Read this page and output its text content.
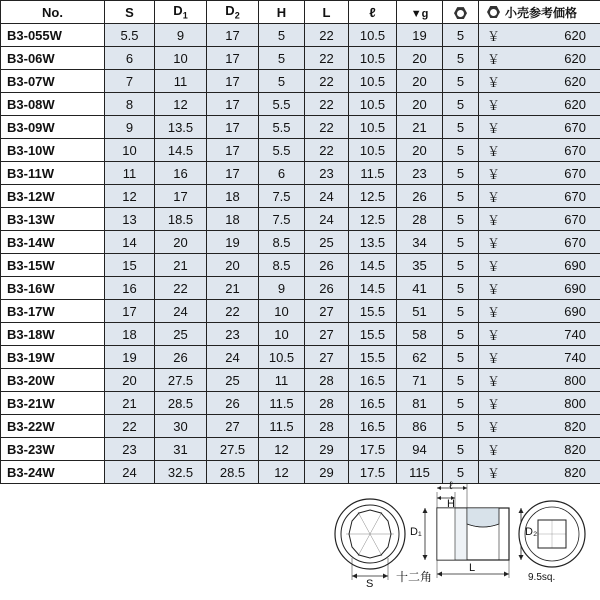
No.	S	$D_1$	$D_2$	H	L	ℓ	▼g		小売参考価格

B3-055W	5.5	9	17	5	22	10.5	19	5	￥ 620

B3-06W	6	10	17	5	22	10.5	20	5	￥ 620

B3-07W	7	11	17	5	22	10.5	20	5	￥ 620

B3-08W	8	12	17	5.5	22	10.5	20	5	￥ 620

B3-09W	9	13.5	17	5.5	22	10.5	21	5	￥ 670

B3-10W	10	14.5	17	5.5	22	10.5	20	5	￥ 670

B3-11W	11	16	17	6	23	11.5	23	5	￥ 670

B3-12W	12	17	18	7.5	24	12.5	26	5	￥ 670

B3-13W	13	18.5	18	7.5	24	12.5	28	5	￥ 670

B3-14W	14	20	19	8.5	25	13.5	34	5	￥ 670

B3-15W	15	21	20	8.5	26	14.5	35	5	￥ 690

B3-16W	16	22	21	9	26	14.5	41	5	￥ 690

B3-17W	17	24	22	10	27	15.5	51	5	￥ 690

B3-18W	18	25	23	10	27	15.5	58	5	￥ 740

B3-19W	19	26	24	10.5	27	15.5	62	5	￥ 740

B3-20W	20	27.5	25	11	28	16.5	71	5	￥ 800

B3-21W	21	28.5	26	11.5	28	16.5	81	5	￥ 800

B3-22W	22	30	27	11.5	28	16.5	86	5	￥ 820

B3-23W	23	31	27.5	12	29	17.5	94	5	￥ 820

B3-24W	24	32.5	28.5	12	29	17.5	115	5	￥ 820
H
ℓ
L
D₁	D₂
S 十二角	9.5sq.
